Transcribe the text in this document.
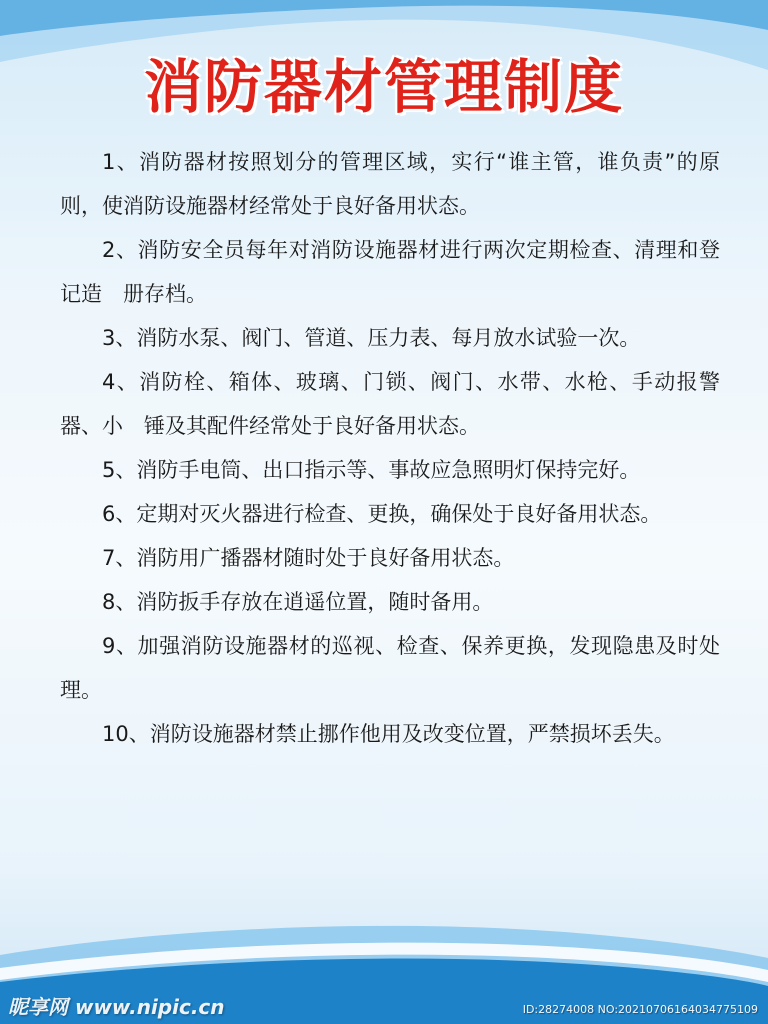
消防器材管理制度
1、消防器材按照划分的管理区域，实行“谁主管，谁负责”的原则，使消防设施器材经常处于良好备用状态。
2、消防安全员每年对消防设施器材进行两次定期检查、清理和登记造　册存档。
3、消防水泵、阀门、管道、压力表、每月放水试验一次。
4、消防栓、箱体、玻璃、门锁、阀门、水带、水枪、手动报警器、小　锤及其配件经常处于良好备用状态。
5、消防手电筒、出口指示等、事故应急照明灯保持完好。
6、定期对灭火器进行检查、更换，确保处于良好备用状态。
7、消防用广播器材随时处于良好备用状态。
8、消防扳手存放在逍遥位置，随时备用。
9、加强消防设施器材的巡视、检查、保养更换，发现隐患及时处理。
10、消防设施器材禁止挪作他用及改变位置，严禁损坏丢失。
昵享网 www.nipic.cn	ID:28274008 NO:20210706164034775109
